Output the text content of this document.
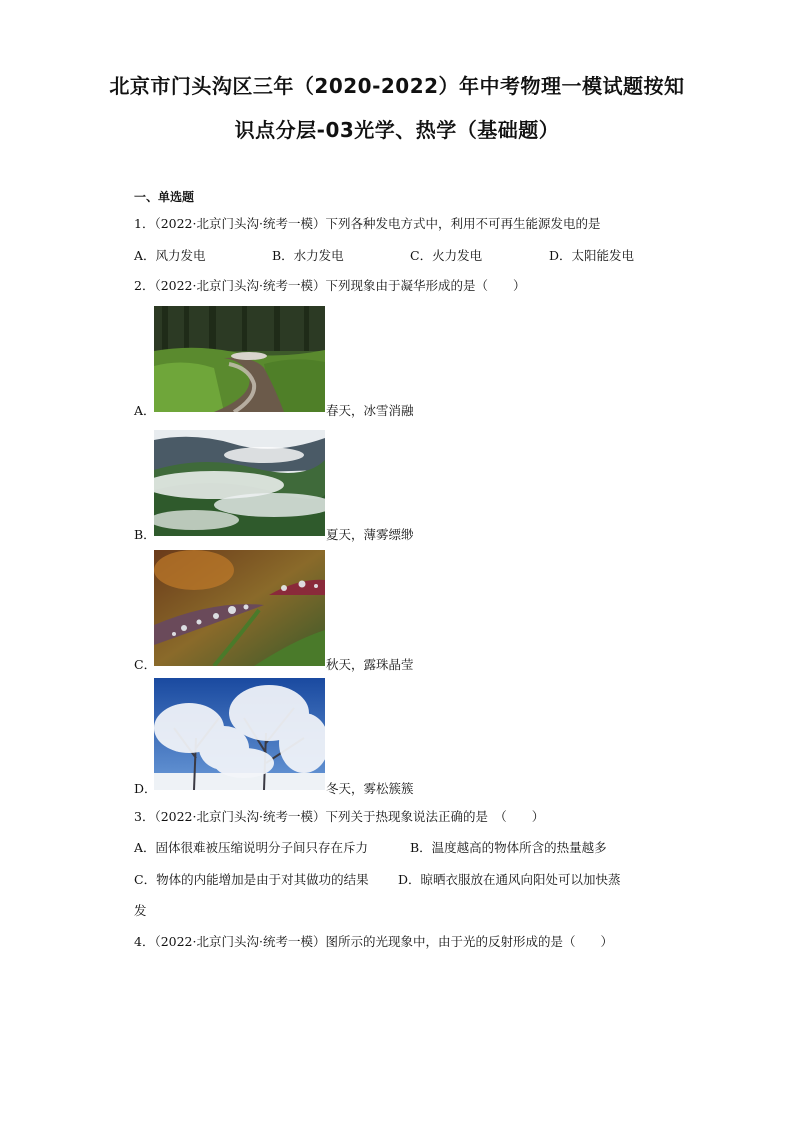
北京市门头沟区三年（2020-2022）年中考物理一模试题按知
识点分层-03光学、热学（基础题）
一、单选题
1．（2022·北京门头沟·统考一模）下列各种发电方式中，利用不可再生能源发电的是
A．风力发电	B．水力发电	C．火力发电	D．太阳能发电
2．（2022·北京门头沟·统考一模）下列现象由于凝华形成的是（　　）
A．	春天，冰雪消融
B．	夏天，薄雾缥缈
C．	秋天，露珠晶莹
D．	冬天，雾松簇簇
3．（2022·北京门头沟·统考一模）下列关于热现象说法正确的是　（　　）
A．固体很难被压缩说明分子间只存在斥力	B．温度越高的物体所含的热量越多
C．物体的内能增加是由于对其做功的结果 D．晾晒衣服放在通风向阳处可以加快蒸
发
4．（2022·北京门头沟·统考一模）图所示的光现象中，由于光的反射形成的是（　　）
